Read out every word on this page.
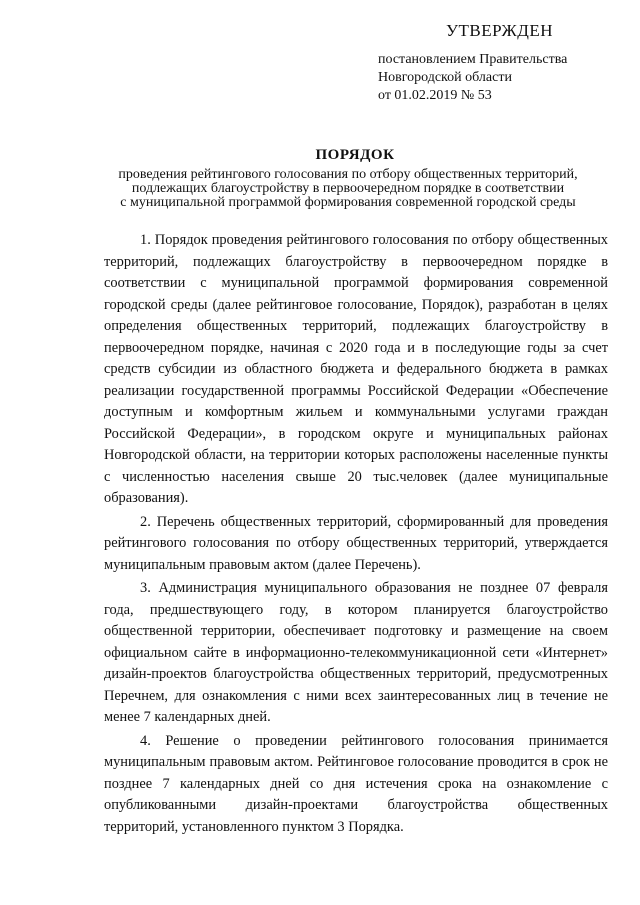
УТВЕРЖДЕН

постановлением Правительства

Новгородской области

от 01.02.2019 № 53

ПОРЯДОК
проведения рейтингового голосования по отбору общественных территорий,
подлежащих благоустройству в первоочередном порядке в соответствии
с муниципальной программой формирования современной городской среды

1. Порядок проведения рейтингового голосования по отбору общественных территорий, подлежащих благоустройству в первоочередном порядке в соответствии с муниципальной программой формирования современной городской среды (далее рейтинговое голосование, Порядок), разработан в целях определения общественных территорий, подлежащих благоустройству в первоочередном порядке, начиная с 2020 года и в последующие годы за счет средств субсидии из областного бюджета и федерального бюджета в рамках реализации государственной программы Российской Федерации «Обеспечение доступным и комфортным жильем и коммунальными услугами граждан Российской Федерации», в городском округе и муниципальных районах Новгородской области, на территории которых расположены населенные пункты с численностью населения свыше 20 тыс.человек (далее муниципальные образования).

2. Перечень общественных территорий, сформированный для проведения рейтингового голосования по отбору общественных территорий, утверждается муниципальным правовым актом (далее Перечень).

3. Администрация муниципального образования не позднее 07 февраля года, предшествующего году, в котором планируется благоустройство общественной территории, обеспечивает подготовку и размещение на своем официальном сайте в информационно-телекоммуникационной сети «Интернет» дизайн-проектов благоустройства общественных территорий, предусмотренных Перечнем, для ознакомления с ними всех заинтересованных лиц в течение не менее 7 календарных дней.

4. Решение о проведении рейтингового голосования принимается муниципальным правовым актом. Рейтинговое голосование проводится в срок не позднее 7 календарных дней со дня истечения срока на ознакомление с опубликованными дизайн-проектами благоустройства общественных территорий, установленного пунктом 3 Порядка.
